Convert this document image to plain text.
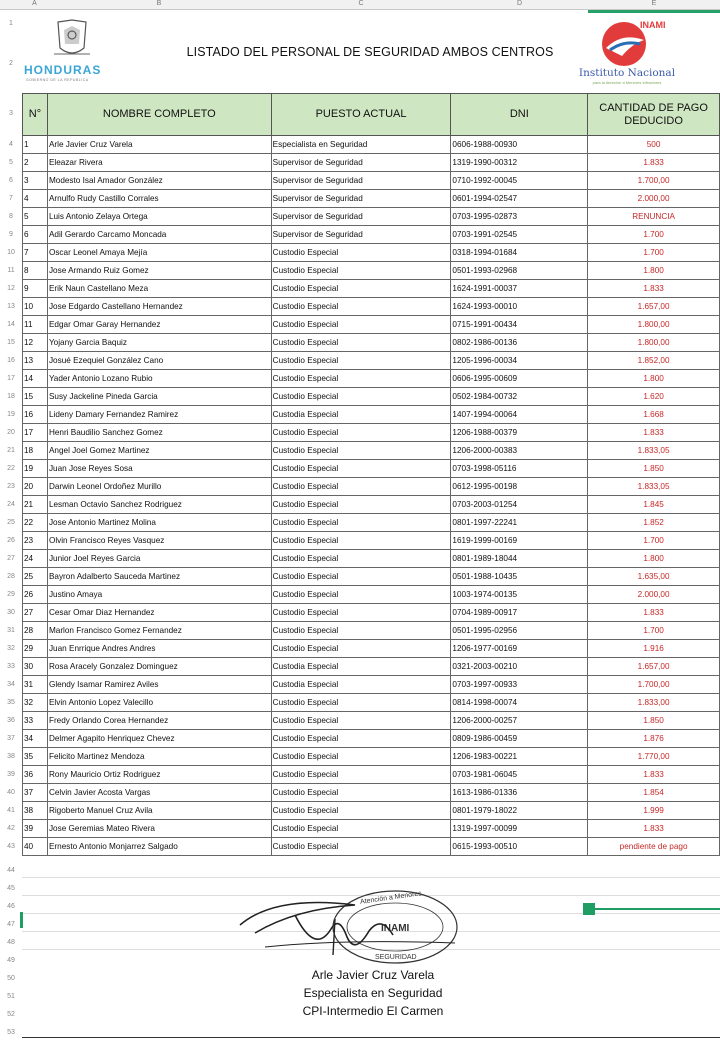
A	B	C	D	E
1
2
3
4
5
6
7
8
9
10
11
12
13
14
15
16
17
18
19
20
21
22
23
24
25
26
27
28
29
30
31
32
33
34
35
36
37
38
39
40
41
42
43
44
45
46
47
48
49
50
51
52
53
HONDURAS
GOBIERNO DE LA REPUBLICA
LISTADO DEL PERSONAL DE SEGURIDAD AMBOS CENTROS
INAMI
Instituto Nacional
para la Atención a Menores Infractores
N°	NOMBRE COMPLETO	PUESTO ACTUAL	DNI	CANTIDAD DE PAGO DEDUCIDO
1	Arle Javier Cruz Varela	Especialista en Seguridad	0606-1988-00930	500
2	Eleazar Rivera	Supervisor de Seguridad	1319-1990-00312	1.833
3	Modesto Isal Amador González	Supervisor de Seguridad	0710-1992-00045	1.700,00
4	Arnulfo Rudy Castillo Corrales	Supervisor de Seguridad	0601-1994-02547	2.000,00
5	Luis Antonio Zelaya Ortega	Supervisor de Seguridad	0703-1995-02873	RENUNCIA
6	Adil Gerardo Carcamo Moncada	Supervisor de Seguridad	0703-1991-02545	1.700
7	Oscar Leonel Amaya Mejía	Custodio Especial	0318-1994-01684	1.700
8	Jose Armando Ruiz Gomez	Custodio Especial	0501-1993-02968	1.800
9	Erik Naun Castellano Meza	Custodio Especial	1624-1991-00037	1.833
10	Jose Edgardo Castellano Hernandez	Custodio Especial	1624-1993-00010	1.657,00
11	Edgar Omar Garay Hernandez	Custodio Especial	0715-1991-00434	1.800,00
12	Yojany Garcia Baquiz	Custodio Especial	0802-1986-00136	1.800,00
13	Josué Ezequiel González Cano	Custodio Especial	1205-1996-00034	1.852,00
14	Yader Antonio Lozano Rubio	Custodio Especial	0606-1995-00609	1.800
15	Susy Jackeline Pineda Garcia	Custodio Especial	0502-1984-00732	1.620
16	Lideny Damary Fernandez Ramirez	Custodia Especial	1407-1994-00064	1.668
17	Henri Baudilio Sanchez Gomez	Custodio Especial	1206-1988-00379	1.833
18	Angel Joel Gomez Martinez	Custodio Especial	1206-2000-00383	1.833,05
19	Juan Jose Reyes Sosa	Custodio Especial	0703-1998-05116	1.850
20	Darwin Leonel Ordoñez Murillo	Custodio Especial	0612-1995-00198	1.833,05
21	Lesman Octavio Sanchez Rodriguez	Custodio Especial	0703-2003-01254	1.845
22	Jose Antonio Martinez Molina	Custodio Especial	0801-1997-22241	1.852
23	Olvin Francisco Reyes Vasquez	Custodio Especial	1619-1999-00169	1.700
24	Junior Joel Reyes Garcia	Custodio Especial	0801-1989-18044	1.800
25	Bayron Adalberto Sauceda Martinez	Custodio Especial	0501-1988-10435	1.635,00
26	Justino Amaya	Custodio Especial	1003-1974-00135	2.000,00
27	Cesar Omar Diaz Hernandez	Custodio Especial	0704-1989-00917	1.833
28	Marlon Francisco Gomez Fernandez	Custodio Especial	0501-1995-02956	1.700
29	Juan Enrrique Andres Andres	Custodio Especial	1206-1977-00169	1.916
30	Rosa Aracely Gonzalez Dominguez	Custodia Especial	0321-2003-00210	1.657,00
31	Glendy Isamar Ramirez Aviles	Custodia Especial	0703-1997-00933	1.700,00
32	Elvin Antonio Lopez Valecillo	Custodio Especial	0814-1998-00074	1.833,00
33	Fredy Orlando Corea Hernandez	Custodio Especial	1206-2000-00257	1.850
34	Delmer Agapito Henriquez Chevez	Custodio Especial	0809-1986-00459	1.876
35	Felicito Martinez Mendoza	Custodio Especial	1206-1983-00221	1.770,00
36	Rony Mauricio Ortiz Rodriguez	Custodio Especial	0703-1981-06045	1.833
37	Celvin Javier Acosta Vargas	Custodio Especial	1613-1986-01336	1.854
38	Rigoberto Manuel Cruz Avila	Custodio Especial	0801-1979-18022	1.999
39	Jose Geremias Mateo Rivera	Custodio Especial	1319-1997-00099	1.833
40	Ernesto Antonio Monjarrez Salgado	Custodio Especial	0615-1993-00510	pendiente de pago
Atención a Menores
INAMI
SEGURIDAD
Arle Javier Cruz Varela
Especialista en Seguridad
CPI-Intermedio El Carmen
